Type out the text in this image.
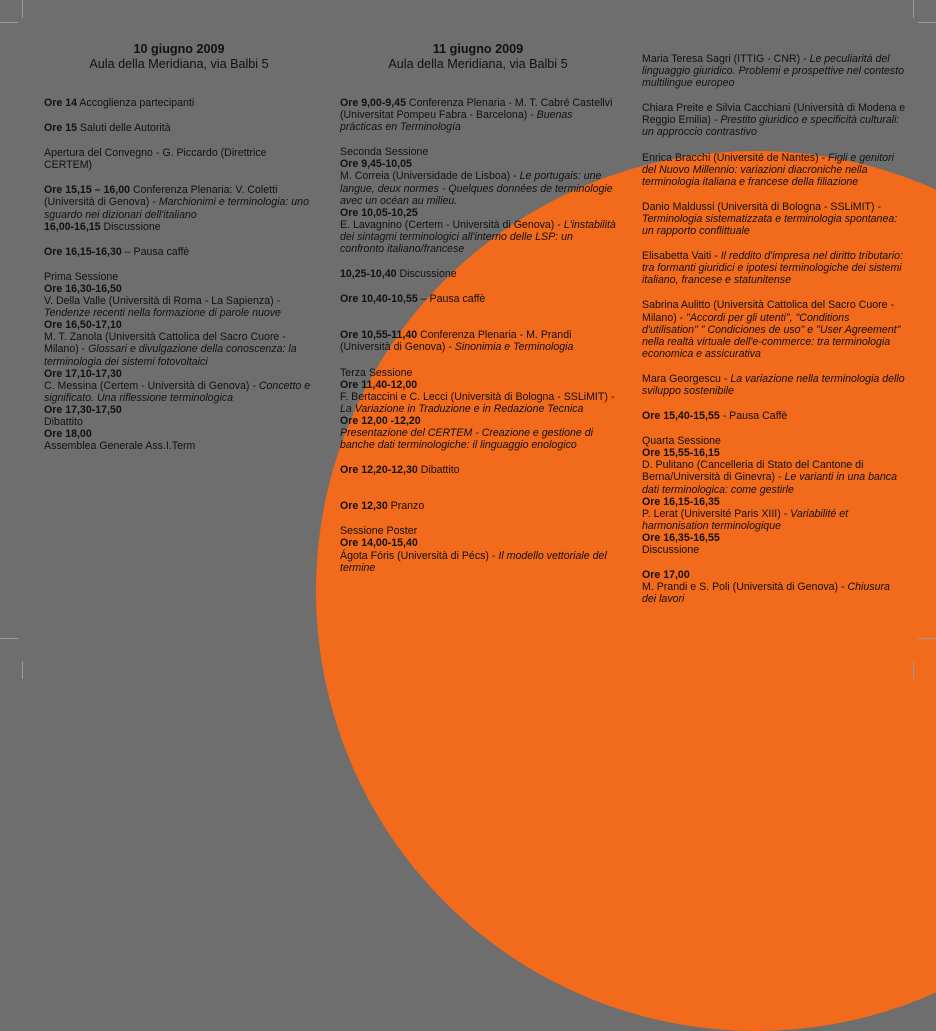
10 giugno 2009
Aula della Meridiana, via Balbi 5
Ore 14 Accoglienza partecipanti
Ore 15 Saluti delle Autorità
Apertura del Convegno - G. Piccardo (Direttrice CERTEM)
Ore 15,15 – 16,00 Conferenza Plenaria: V. Coletti (Università di Genova) - Marchionimi e terminologia: uno sguardo nei dizionari dell'italiano
16,00-16,15 Discussione
Ore 16,15-16,30 – Pausa caffè
Prima Sessione
Ore 16,30-16,50
V. Della Valle (Università di Roma - La Sapienza) - Tendenze recenti nella formazione di parole nuove
Ore 16,50-17,10
M. T. Zanola (Università Cattolica del Sacro Cuore - Milano) - Glossari e divulgazione della conoscenza: la terminologia dei sistemi fotovoltaici
Ore 17,10-17,30
C. Messina (Certem - Università di Genova) - Concetto e significato. Una riflessione terminologica
Ore 17,30-17,50
Dibattito
Ore 18,00
Assemblea Generale Ass.I.Term
11 giugno 2009
Aula della Meridiana, via Balbi 5
Ore 9,00-9,45 Conferenza Plenaria - M. T. Cabré Castellvi (Universitat Pompeu Fabra - Barcelona) - Buenas prácticas en Terminología
Seconda Sessione
Ore 9,45-10,05
M. Correia (Universidade de Lisboa) - Le portugais: une langue, deux normes - Quelques données de terminologie avec un océan au milieu.
Ore 10,05-10,25
E. Lavagnino (Certem - Università di Genova) - L'instabilità dei sintagmi terminologici all'interno delle LSP: un confronto italiano/francese
10,25-10,40 Discussione
Ore 10,40-10,55 – Pausa caffè
Ore 10,55-11,40 Conferenza Plenaria - M. Prandi (Università di Genova) - Sinonimia e Terminologia
Terza Sessione
Ore 11,40-12,00
F. Bertaccini e C. Lecci (Università di Bologna - SSLiMIT) - La Variazione in Traduzione e in Redazione Tecnica
Ore 12,00 -12,20
Presentazione del CERTEM - Creazione e gestione di banche dati terminologiche: il linguaggio enologico
Ore 12,20-12,30 Dibattito
Ore 12,30 Pranzo
Sessione Poster
Ore 14,00-15,40
Ágota Fóris (Università di Pécs) - Il modello vettoriale del termine
Maria Teresa Sagri (ITTIG - CNR) - Le peculiarità del linguaggio giuridico. Problemi e prospettive nel contesto multilingue europeo
Chiara Preite e Silvia Cacchiani (Università di Modena e Reggio Emilia) - Prestito giuridico e specificità culturali: un approccio contrastivo
Enrica Bracchi (Université de Nantes) - Figli e genitori del Nuovo Millennio: variazioni diacroniche nella terminologia italiana e francese della filiazione
Danio Maldussi (Università di Bologna - SSLiMIT) - Terminologia sistematizzata e terminologia spontanea: un rapporto conflittuale
Elisabetta Vaiti - Il reddito d'impresa nel diritto tributario: tra formanti giuridici e ipotesi terminologiche dei sistemi italiano, francese e statunitense
Sabrina Aulitto (Università Cattolica del Sacro Cuore - Milano) - "Accordi per gli utenti", "Conditions d'utilisation" " Condiciones de uso" e "User Agreement" nella realtà virtuale dell'e-commerce: tra terminologia economica e assicurativa
Mara Georgescu - La variazione nella terminologia dello sviluppo sostenibile
Ore 15,40-15,55 - Pausa Caffè
Quarta Sessione
Ore 15,55-16,15
D. Pulitano (Cancelleria di Stato del Cantone di Berna/Università di Ginevra) - Le varianti in una banca dati terminologica: come gestirle
Ore 16,15-16,35
P. Lerat (Université Paris XIII) - Variabilité et harmonisation terminologique
Ore 16,35-16,55
Discussione
Ore 17,00
M. Prandi e S. Poli (Università di Genova) - Chiusura dei lavori
